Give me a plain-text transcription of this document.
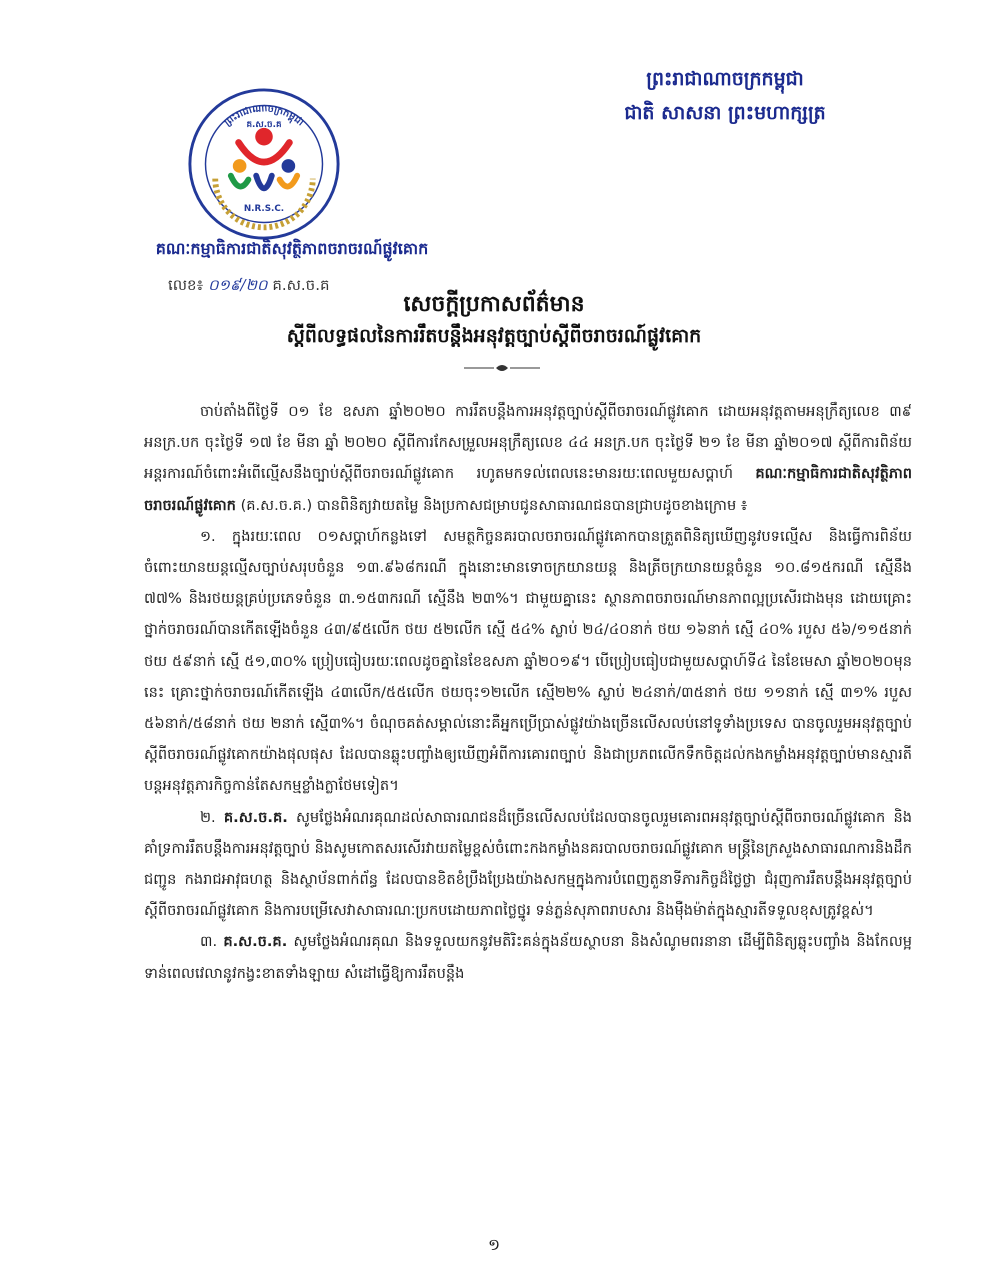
ព្រះរាជាណាចក្រកម្ពុជា
ជាតិ សាសនា ព្រះមហាក្សត្រ
ព្រះរាជាណាចក្រកម្ពុជា
គ.ស.ច.គ
N.R.S.C.
គណៈកម្មាធិការជាតិសុវត្ថិភាពចរាចរណ៍ផ្លូវគោក
លេខ៖ ០១៩/២០ គ.ស.ច.គ
សេចក្តីប្រកាសព័ត៌មាន
ស្តីពីលទ្ធផលនៃការរឹតបន្តឹងអនុវត្តច្បាប់ស្តីពីចរាចរណ៍ផ្លូវគោក

ចាប់តាំងពីថ្ងៃទី ០១ ខែ ឧសភា ឆ្នាំ២០២០ ការរឹតបន្តឹងការអនុវត្តច្បាប់ស្តីពីចរាចរណ៍ផ្លូវគោក ដោយអនុវត្តតាមអនុក្រឹត្យលេខ ៣៩ អនក្រ.បក ចុះថ្ងៃទី ១៧ ខែ មីនា ឆ្នាំ ២០២០ ស្តីពីការកែសម្រួលអនុក្រឹត្យលេខ ៤៤ អនក្រ.បក ចុះថ្ងៃទី ២១ ខែ មីនា ឆ្នាំ២០១៧ ស្តីពីការពិន័យអន្តរការណ៍ចំពោះអំពើល្មើសនឹងច្បាប់ស្តីពីចរាចរណ៍ផ្លូវគោក រហូតមកទល់ពេលនេះមានរយៈពេលមួយសប្តាហ៍ គណៈកម្មាធិការជាតិសុវត្ថិភាពចរាចរណ៍ផ្លូវគោក (គ.ស.ច.គ.) បានពិនិត្យវាយតម្លៃ និងប្រកាសជម្រាបជូនសាធារណជនបានជ្រាបដូចខាងក្រោម ៖

១. ក្នុងរយៈពេល ០១សប្តាហ៍កន្លងទៅ សមត្ថកិច្ចនគរបាលចរាចរណ៍ផ្លូវគោកបានត្រួតពិនិត្យឃើញនូវបទល្មើស និងធ្វើការពិន័យចំពោះយានយន្តល្មើសច្បាប់សរុបចំនួន ១៣.៩៦៨ករណី ក្នុងនោះមានទោចក្រយានយន្ត និងត្រីចក្រយានយន្តចំនួន ១០.៨១៥ករណី ស្មើនឹង ៧៧% និងរថយន្តគ្រប់ប្រភេទចំនួន ៣.១៥៣ករណី ស្មើនឹង ២៣%។ ជាមួយគ្នានេះ ស្ថានភាពចរាចរណ៍មានភាពល្អប្រសើរជាងមុន ដោយគ្រោះថ្នាក់ចរាចរណ៍បានកើតឡើងចំនួន ៤៣/៩៥លើក ថយ ៥២លើក ស្មើ ៥៤% ស្លាប់ ២៤/៤០នាក់ ថយ ១៦នាក់ ស្មើ ៤០% របួស ៥៦/១១៥នាក់ ថយ ៥៩នាក់ ស្មើ ៥១,៣០% ប្រៀបធៀបរយៈពេលដូចគ្នានៃខែឧសភា ឆ្នាំ២០១៩។ បើប្រៀបធៀបជាមួយសប្តាហ៍ទី៤ នៃខែមេសា ឆ្នាំ២០២០មុននេះ គ្រោះថ្នាក់ចរាចរណ៍កើតឡើង ៤៣លើក/៥៥លើក ថយចុះ១២លើក ស្មើ២២% ស្លាប់ ២៤នាក់/៣៥នាក់ ថយ ១១នាក់ ស្មើ ៣១% របួស ៥៦នាក់/៥៨នាក់ ថយ ២នាក់ ស្មើ៣%។ ចំណុចគត់សម្គាល់នោះគឺអ្នកប្រើប្រាស់ផ្លូវយ៉ាងច្រើនលើសលប់នៅទូទាំងប្រទេស បានចូលរួមអនុវត្តច្បាប់ស្តីពីចរាចរណ៍ផ្លូវគោកយ៉ាងផុលផុស ដែលបានឆ្លុះបញ្ចាំងឲ្យឃើញអំពីការគោរពច្បាប់ និងជាប្រភពលើកទឹកចិត្តដល់កងកម្លាំងអនុវត្តច្បាប់មានស្មារតីបន្តអនុវត្តភារកិច្ចកាន់តែសកម្មខ្លាំងក្លាថែមទៀត។

២. គ.ស.ច.គ. សូមថ្លែងអំណរគុណដល់សាធារណជនដ៏ច្រើនលើសលប់ដែលបានចូលរួមគោរពអនុវត្តច្បាប់ស្តីពីចរាចរណ៍ផ្លូវគោក និងគាំទ្រការរឹតបន្តឹងការអនុវត្តច្បាប់ និងសូមកោតសរសើរវាយតម្លៃខ្ពស់ចំពោះកងកម្លាំងនគរបាលចរាចរណ៍ផ្លូវគោក មន្ត្រីនៃក្រសួងសាធារណការនិងដឹកជញ្ជូន កងរាជអាវុធហត្ថ និងស្ថាប័នពាក់ព័ន្ធ ដែលបានខិតខំប្រឹងប្រែងយ៉ាងសកម្មក្នុងការបំពេញតួនាទីភារកិច្ចដ៏ថ្លៃថ្លា ជំរុញការរឹតបន្តឹងអនុវត្តច្បាប់ស្តីពីចរាចរណ៍ផ្លូវគោក និងការបម្រើសេវាសាធារណៈប្រកបដោយភាពថ្លៃថ្នូរ ទន់ភ្លន់សុភាពរាបសារ និងម៉ឺងម៉ាត់ក្នុងស្មារតីទទួលខុសត្រូវខ្ពស់។

៣. គ.ស.ច.គ. សូមថ្លែងអំណរគុណ និងទទួលយកនូវមតិរិះគន់ក្នុងន័យស្ថាបនា និងសំណូមពរនានា ដើម្បីពិនិត្យឆ្លុះបញ្ចាំង និងកែលម្អទាន់ពេលវេលានូវកង្វះខាតទាំងឡាយ សំដៅធ្វើឱ្យការរឹតបន្តឹង

១
